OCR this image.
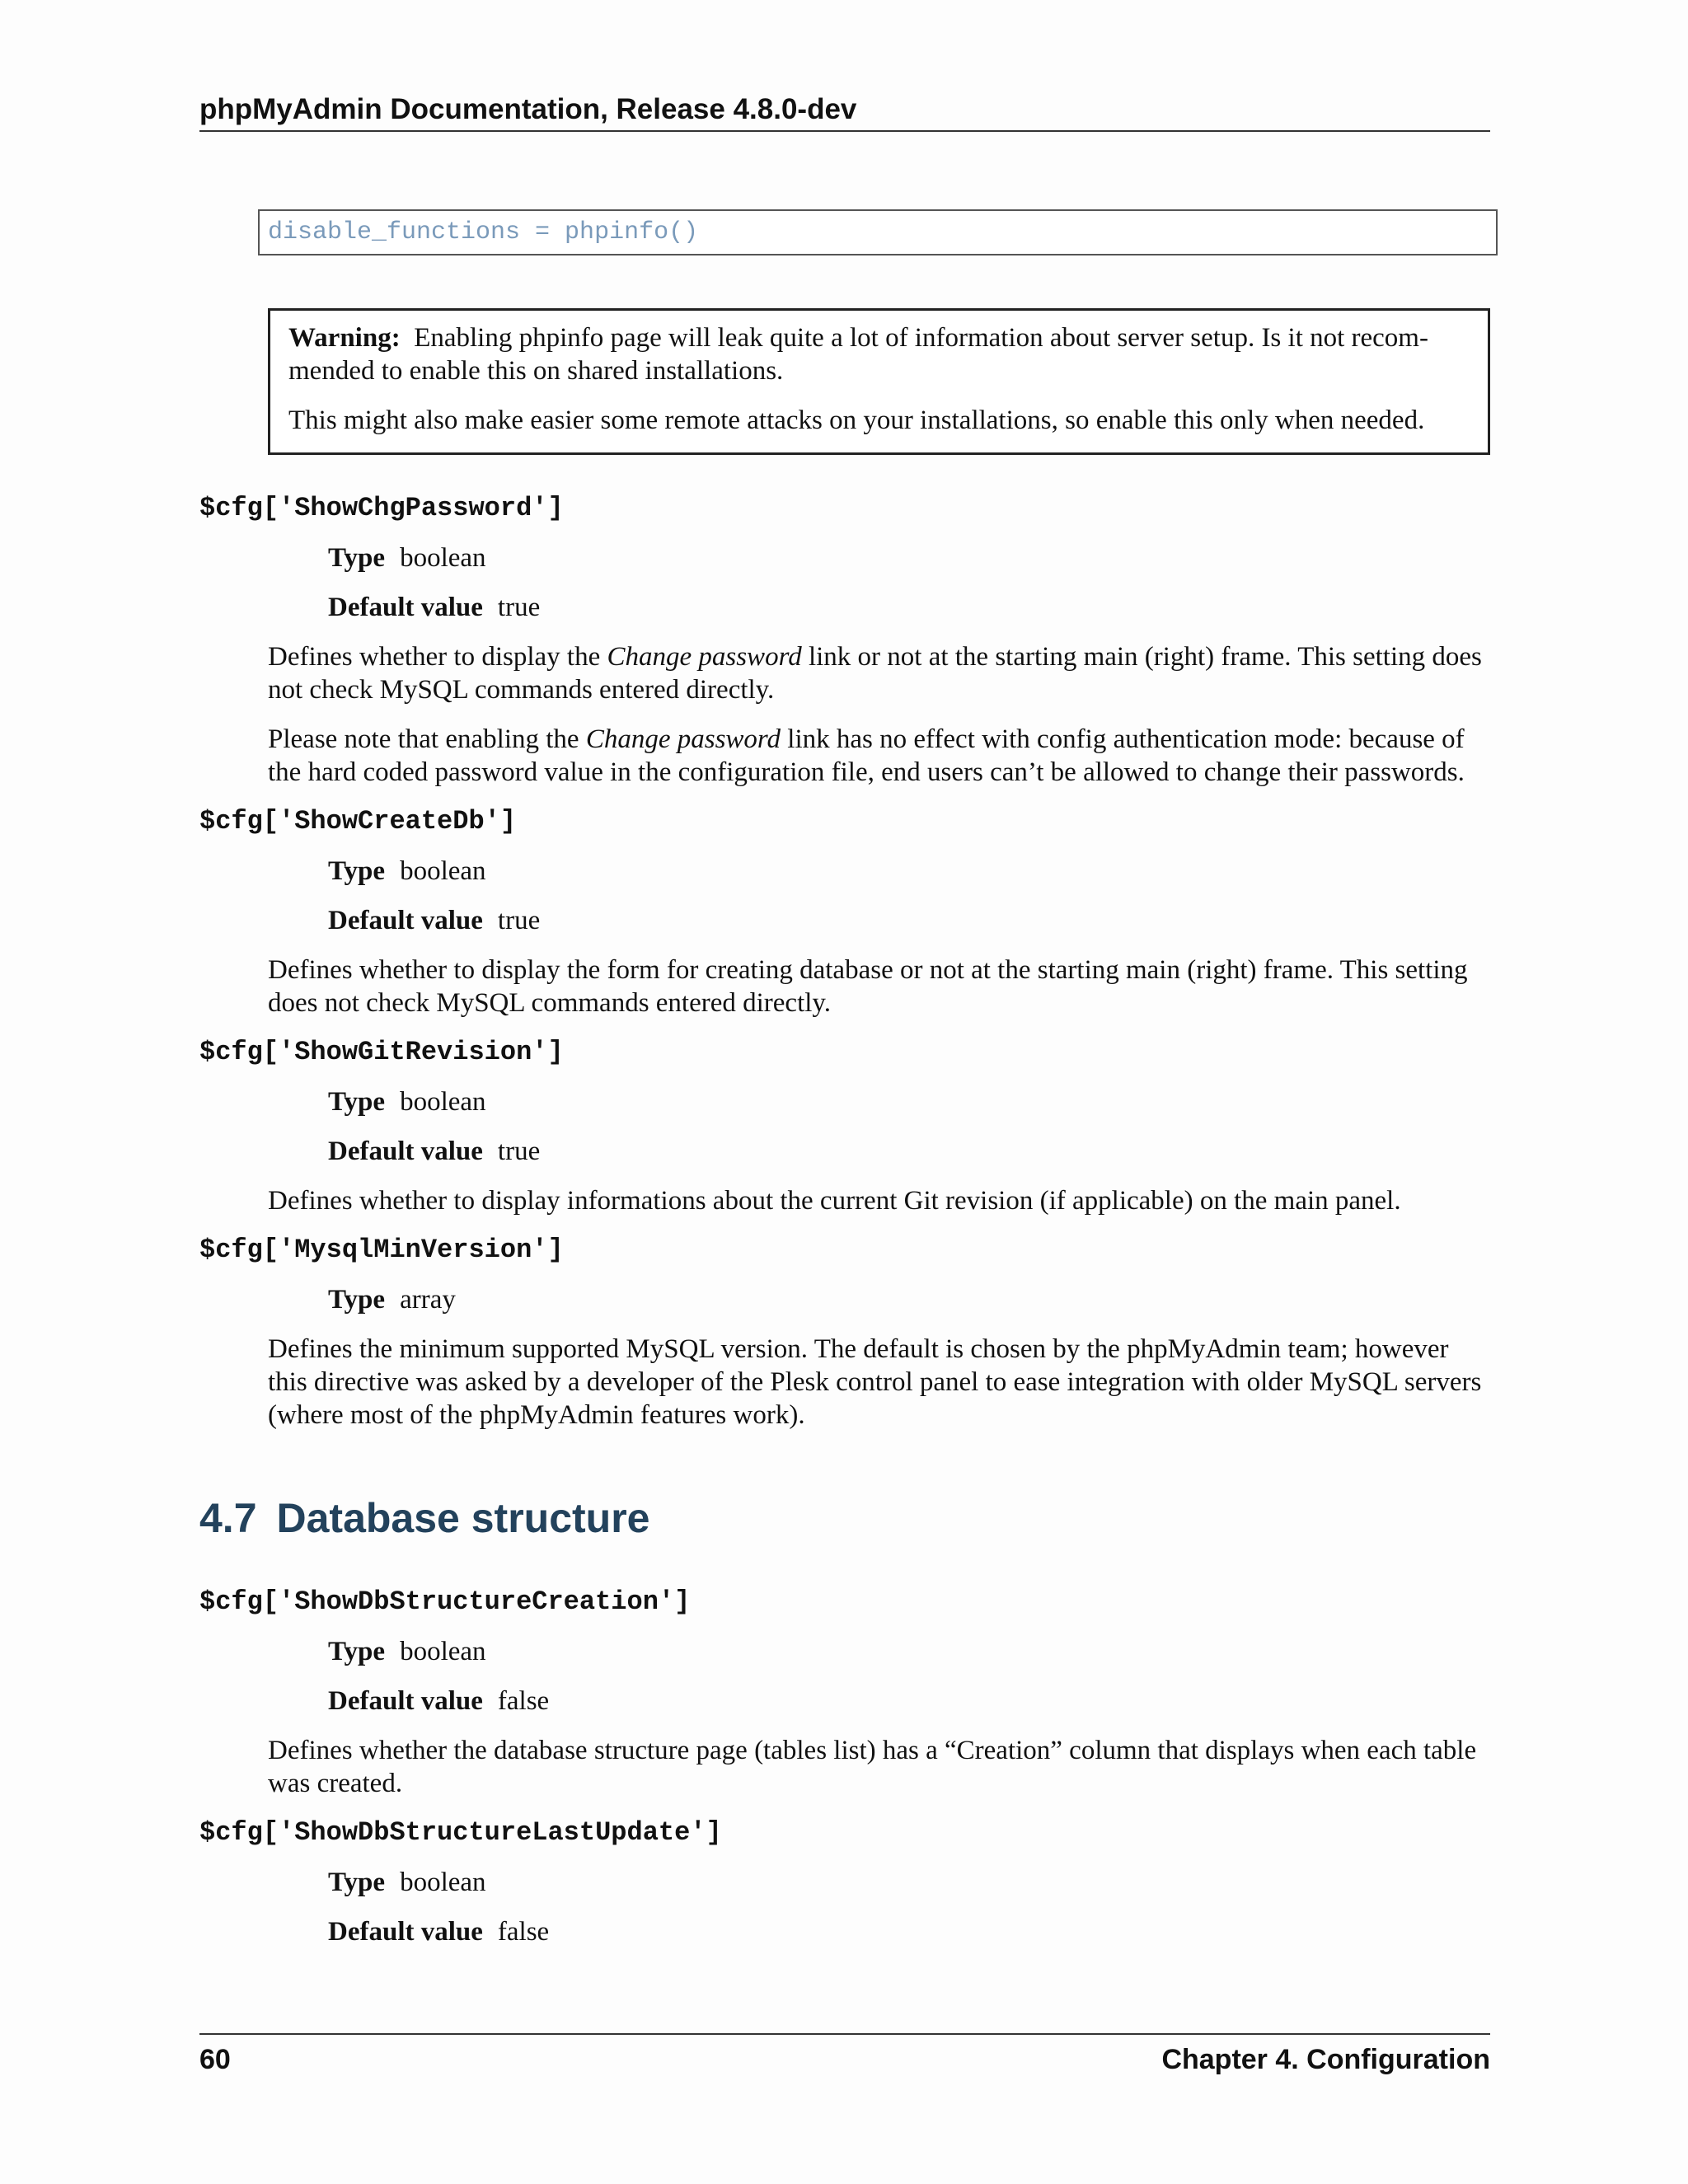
phpMyAdmin Documentation, Release 4.8.0-dev
disable_functions = phpinfo()

Warning: Enabling phpinfo page will leak quite a lot of information about server setup. Is it not recom-
mended to enable this on shared installations.

This might also make easier some remote attacks on your installations, so enable this only when needed.

$cfg['ShowChgPassword']
Type boolean
Default value true

Defines whether to display the Change password link or not at the starting main (right) frame. This setting does
not check MySQL commands entered directly.

Please note that enabling the Change password link has no effect with config authentication mode: because of
the hard coded password value in the configuration file, end users can’t be allowed to change their passwords.

$cfg['ShowCreateDb']
Type boolean
Default value true

Defines whether to display the form for creating database or not at the starting main (right) frame. This setting
does not check MySQL commands entered directly.

$cfg['ShowGitRevision']
Type boolean
Default value true

Defines whether to display informations about the current Git revision (if applicable) on the main panel.

$cfg['MysqlMinVersion']
Type array

Defines the minimum supported MySQL version. The default is chosen by the phpMyAdmin team; however
this directive was asked by a developer of the Plesk control panel to ease integration with older MySQL servers
(where most of the phpMyAdmin features work).

4.7 Database structure
$cfg['ShowDbStructureCreation']
Type boolean
Default value false

Defines whether the database structure page (tables list) has a “Creation” column that displays when each table
was created.

$cfg['ShowDbStructureLastUpdate']
Type boolean
Default value false
60	Chapter 4. Configuration
